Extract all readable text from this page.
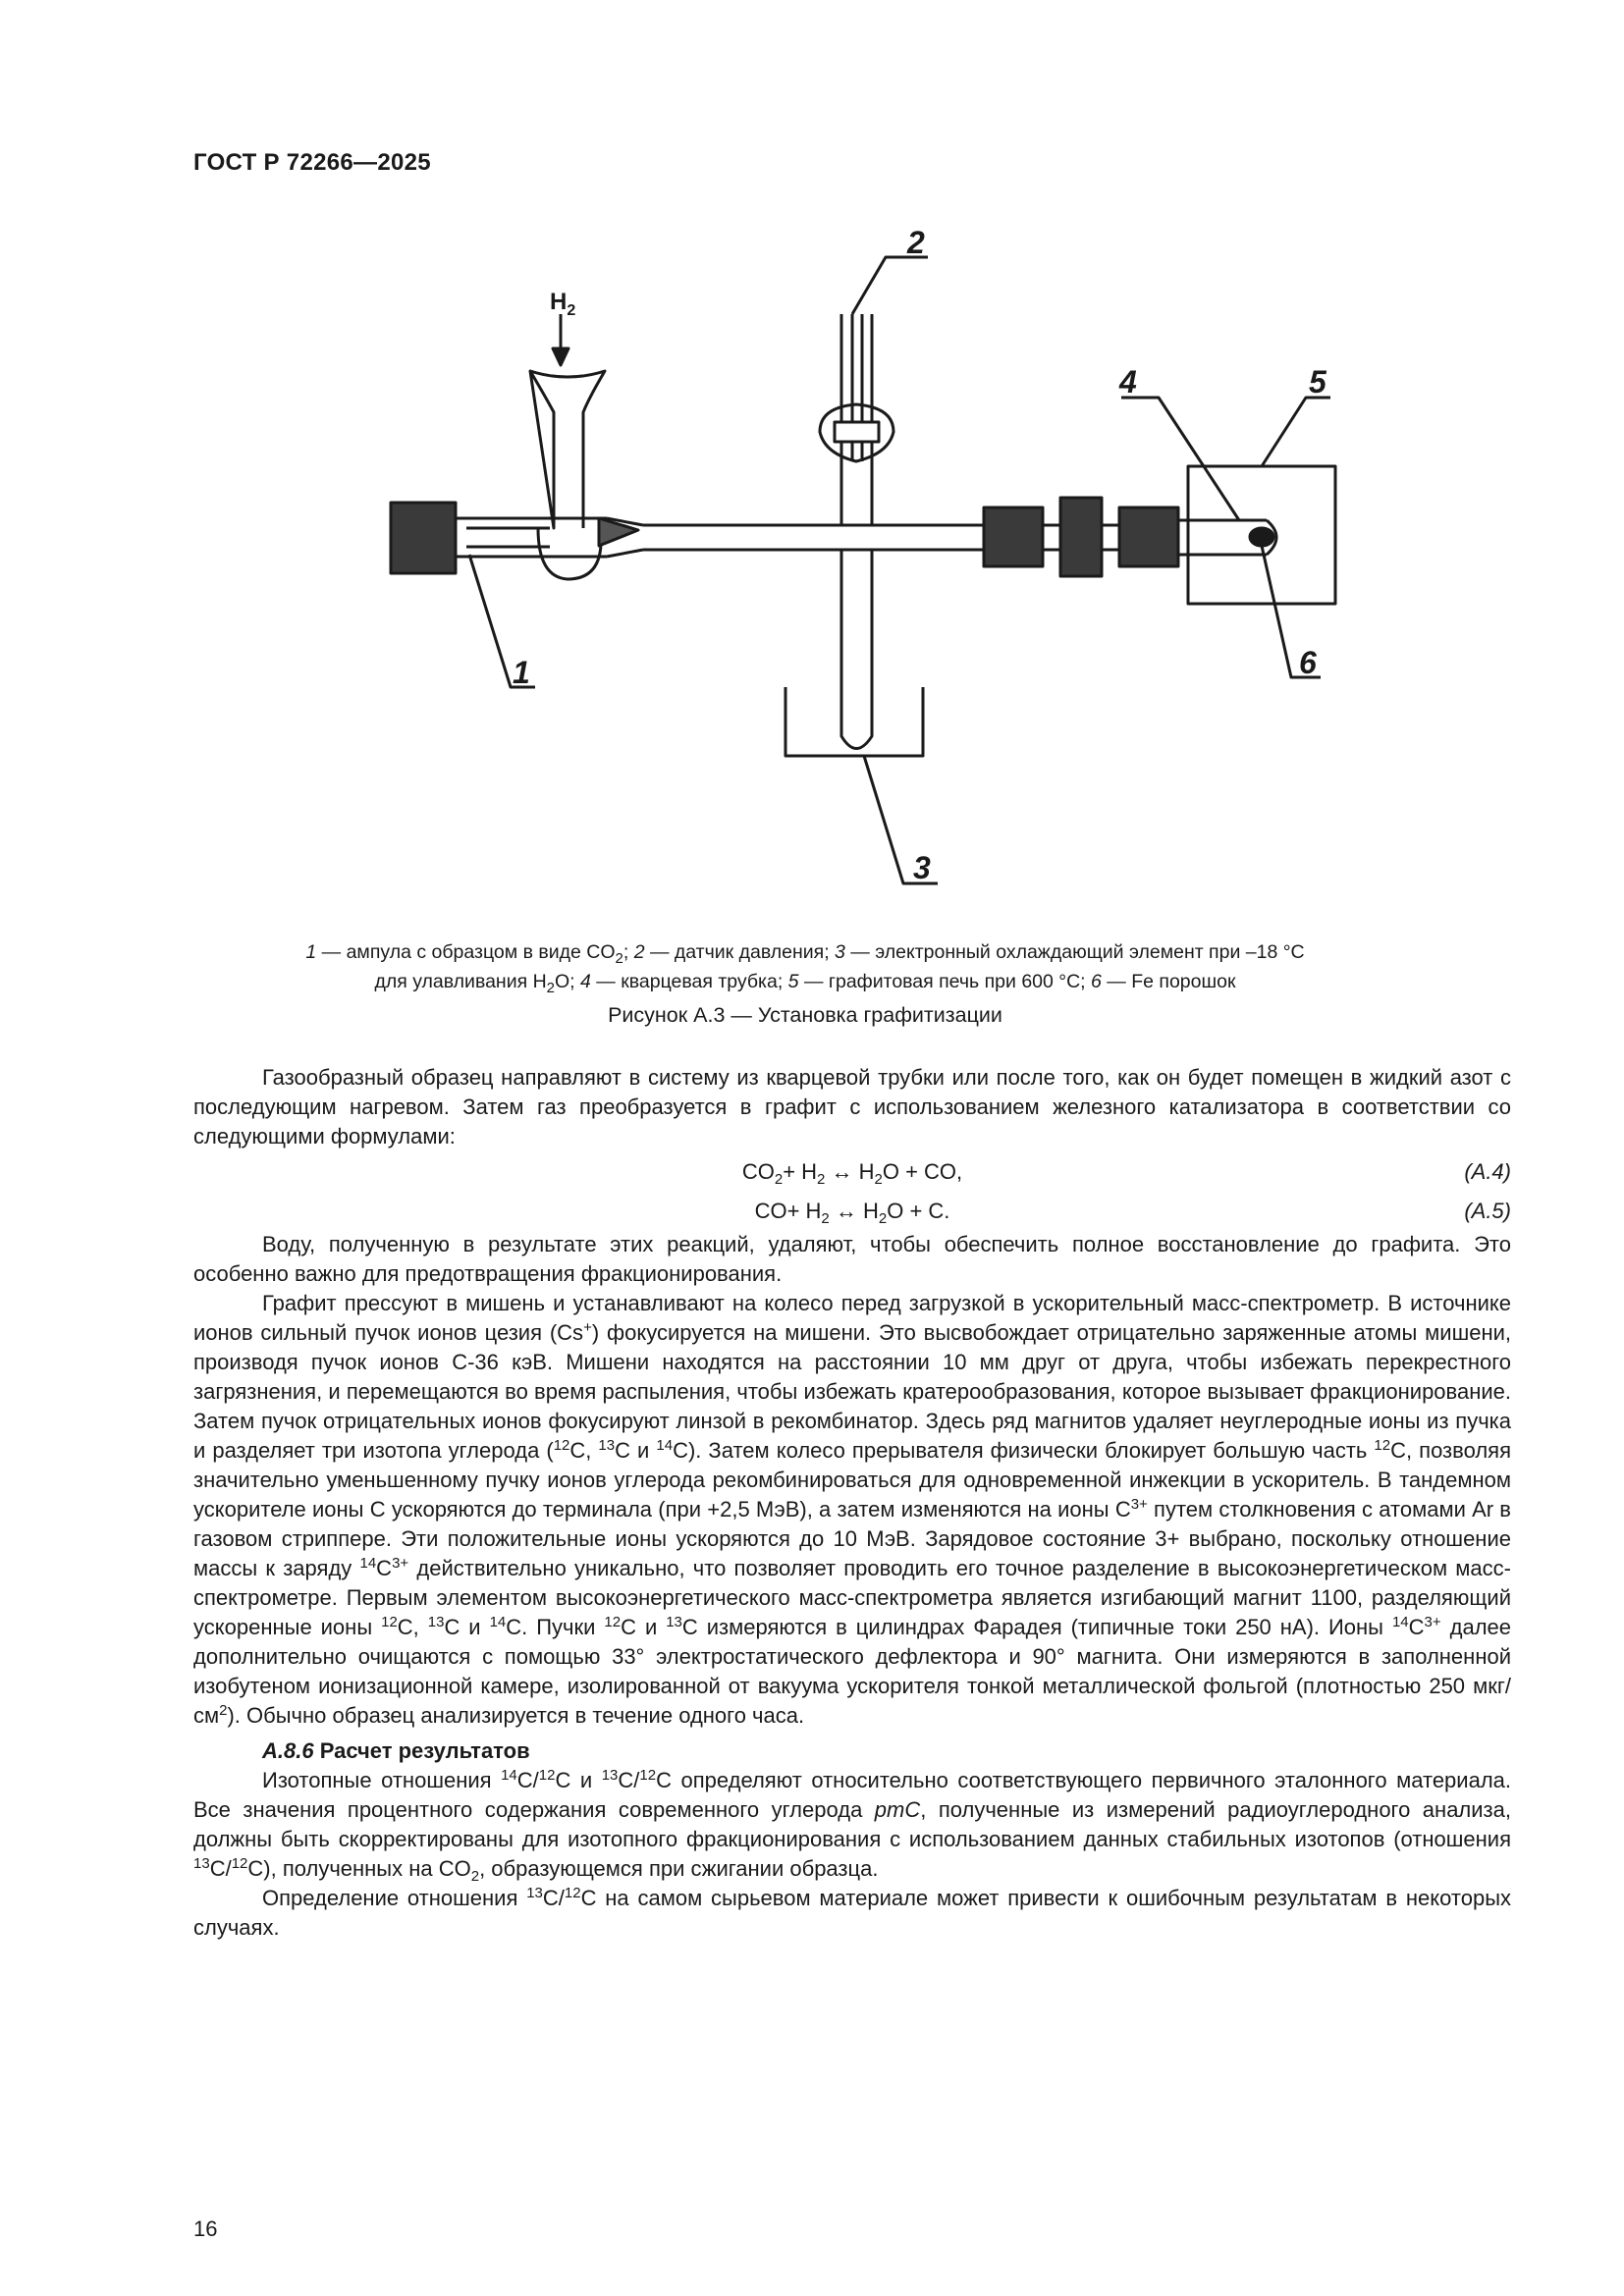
ГОСТ Р 72266—2025
$H_2$
1
2
3
4	5
6
1 — ампула с образцом в виде $CO_2$; 2 — датчик давления; 3 — электронный охлаждающий элемент при –18 °С
для улавливания $H_2O$; 4 — кварцевая трубка; 5 — графитовая печь при 600 °С; 6 — Fe порошок
Рисунок А.3 — Установка графитизации

Газообразный образец направляют в систему из кварцевой трубки или после того, как он будет помещен в жидкий азот с последующим нагревом. Затем газ преобразуется в графит с использованием железного катализатора в соответствии со следующими формулами:

$CO_2+ H_2$ ↔ $H_2O$ + CO,	(А.4)
$CO+ H_2$ ↔ $H_2O + C$.	(А.5)

Воду, полученную в результате этих реакций, удаляют, чтобы обеспечить полное восстановление до графита. Это особенно важно для предотвращения фракционирования.

Графит прессуют в мишень и устанавливают на колесо перед загрузкой в ускорительный масс-спектрометр. В источнике ионов сильный пучок ионов цезия (Cs+) фокусируется на мишени. Это высвобождает отрицательно заряженные атомы мишени, производя пучок ионов C-36 кэВ. Мишени находятся на расстоянии 10 мм друг от друга, чтобы избежать перекрестного загрязнения, и перемещаются во время распыления, чтобы избежать кратерообразования, которое вызывает фракционирование. Затем пучок отрицательных ионов фокусируют линзой в рекомбинатор. Здесь ряд магнитов удаляет неуглеродные ионы из пучка и разделяет три изотопа углерода ($^{12}$C, $^{13}$C и $^{14}$C). Затем колесо прерывателя физически блокирует большую часть $^{12}$C, позволяя значительно уменьшенному пучку ионов углерода рекомбинироваться для одновременной инжекции в ускоритель. В тандемном ускорителе ионы C ускоряются до терминала (при +2,5 МэВ), а затем изменяются на ионы $C^{3+}$ путем столкновения с атомами Ar в газовом стриппере. Эти положительные ионы ускоряются до 10 МэВ. Зарядовое состояние 3+ выбрано, поскольку отношение массы к заряду $^{14}C^{3+}$ действительно уникально, что позволяет проводить его точное разделение в высокоэнергетическом масс-спектрометре. Первым элементом высокоэнергетического масс-спектрометра является изгибающий магнит 1100, разделяющий ускоренные ионы $^{12}$C, $^{13}$C и $^{14}$C. Пучки $^{12}$C и $^{13}$C измеряются в цилиндрах Фарадея (типичные токи 250 нА). Ионы $^{14}C^{3+}$ далее дополнительно очищаются с помощью 33° электростатического дефлектора и 90° магнита. Они измеряются в заполненной изобутеном ионизационной камере, изолированной от вакуума ускорителя тонкой металлической фольгой (плотностью 250 мкг/$см^2$). Обычно образец анализируется в течение одного часа.

А.8.6 Расчет результатов

Изотопные отношения $^{14}$C/$^{12}$C и $^{13}$C/$^{12}$C определяют относительно соответствующего первичного эталонного материала. Все значения процентного содержания современного углерода pmC, полученные из измерений радиоуглеродного анализа, должны быть скорректированы для изотопного фракционирования с использованием данных стабильных изотопов (отношения $^{13}$C/$^{12}$C), полученных на $CO_2$, образующемся при сжигании образца.

Определение отношения $^{13}$C/$^{12}$C на самом сырьевом материале может привести к ошибочным результатам в некоторых случаях.

16
